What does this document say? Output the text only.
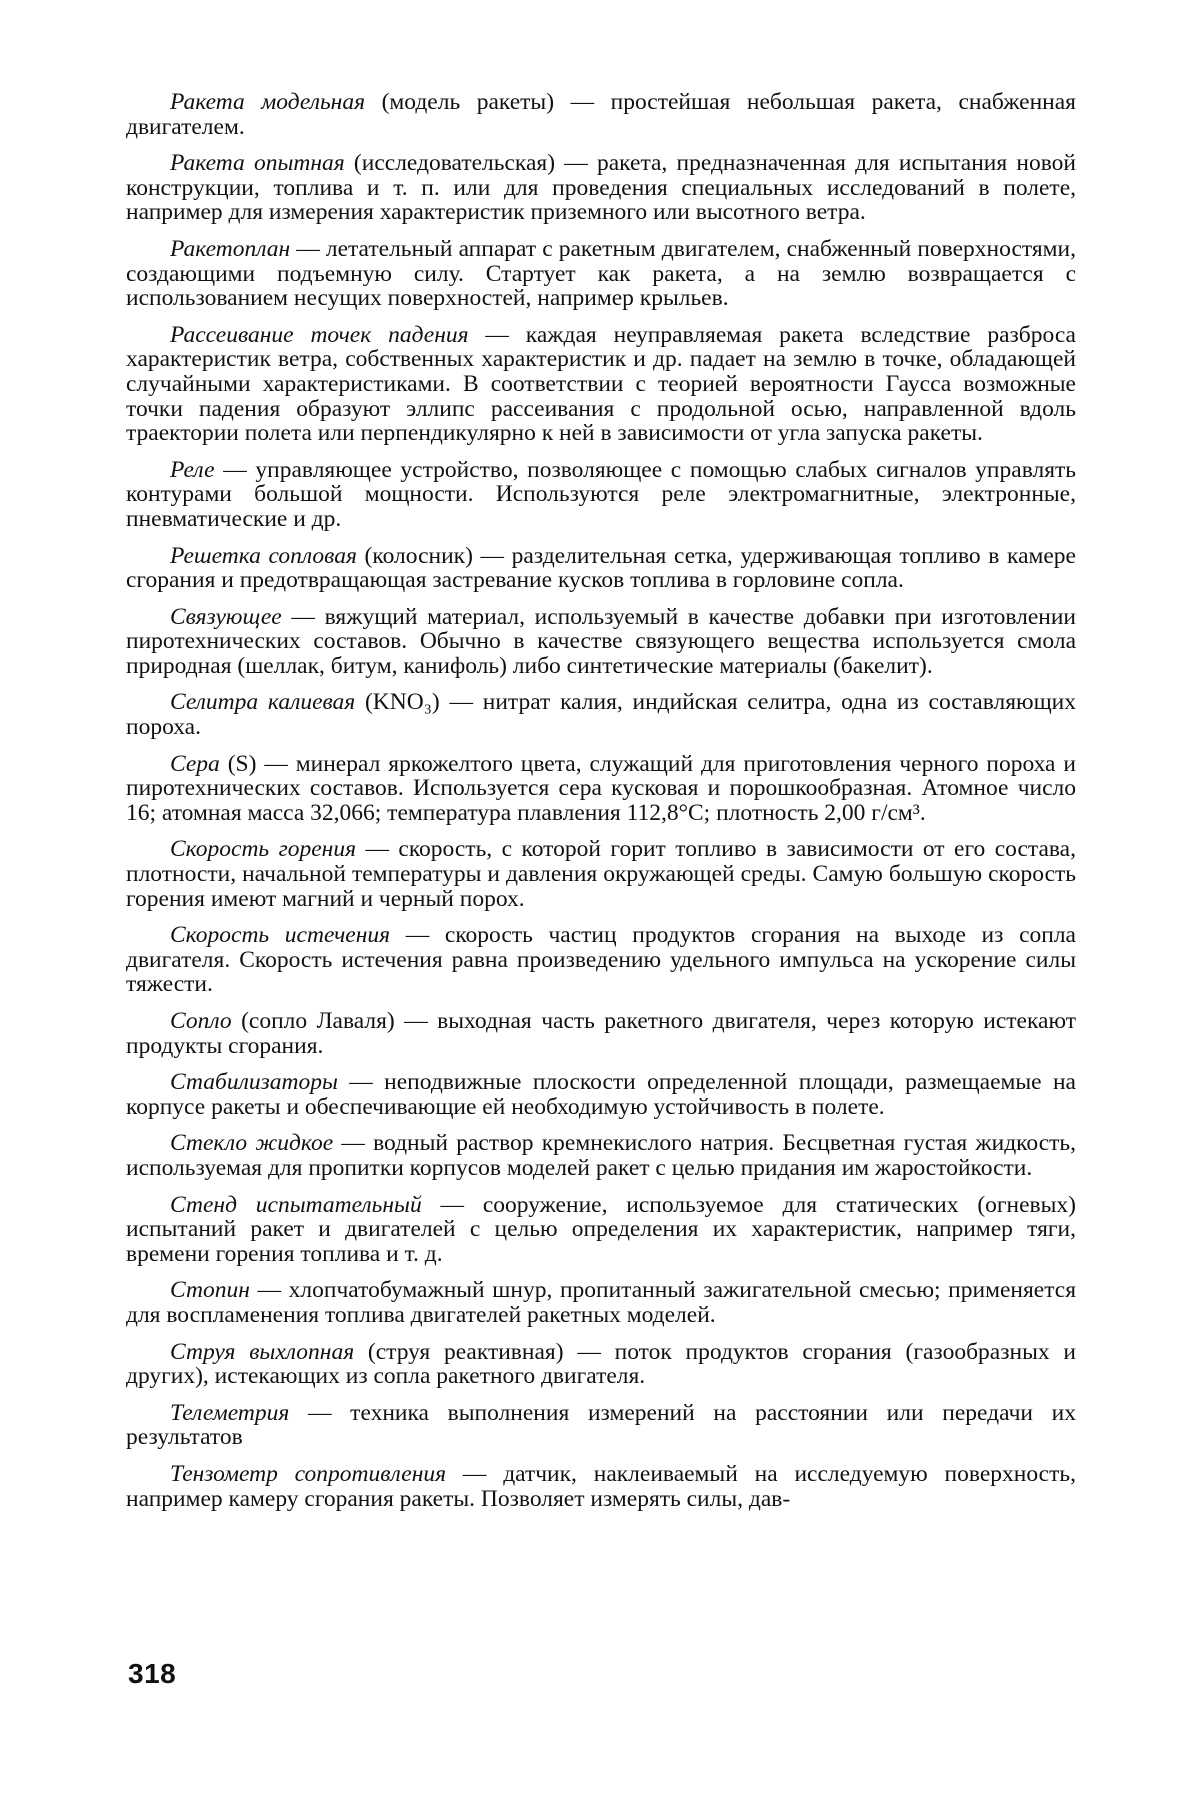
Ракета модельная (модель ракеты) — простейшая небольшая ракета, снабженная двигателем.

Ракета опытная (исследовательская) — ракета, предназначенная для испытания новой конструкции, топлива и т. п. или для проведения специальных исследований в полете, например для измерения характеристик приземного или высотного ветра.

Ракетоплан — летательный аппарат с ракетным двигателем, снабженный поверхностями, создающими подъемную силу. Стартует как ракета, а на землю возвращается с использованием несущих поверхностей, например крыльев.

Рассеивание точек падения — каждая неуправляемая ракета вследствие разброса характеристик ветра, собственных характеристик и др. падает на землю в точке, обладающей случайными характеристиками. В соответствии с теорией вероятности Гаусса возможные точки падения образуют эллипс рассеивания с продольной осью, направленной вдоль траектории полета или перпендикулярно к ней в зависимости от угла запуска ракеты.

Реле — управляющее устройство, позволяющее с помощью слабых сигналов управлять контурами большой мощности. Используются реле электромагнитные, электронные, пневматические и др.

Решетка сопловая (колосник) — разделительная сетка, удерживающая топливо в камере сгорания и предотвращающая застревание кусков топлива в горловине сопла.

Связующее — вяжущий материал, используемый в качестве добавки при изготовлении пиротехнических составов. Обычно в качестве связующего вещества используется смола природная (шеллак, битум, канифоль) либо синтетические материалы (бакелит).

Селитра калиевая (KNO₃) — нитрат калия, индийская селитра, одна из составляющих пороха.

Сера (S) — минерал яркожелтого цвета, служащий для приготовления черного пороха и пиротехнических составов. Используется сера кусковая и порошкообразная. Атомное число 16; атомная масса 32,066; температура плавления 112,8°С; плотность 2,00 г/см³.

Скорость горения — скорость, с которой горит топливо в зависимости от его состава, плотности, начальной температуры и давления окружающей среды. Самую большую скорость горения имеют магний и черный порох.

Скорость истечения — скорость частиц продуктов сгорания на выходе из сопла двигателя. Скорость истечения равна произведению удельного импульса на ускорение силы тяжести.

Сопло (сопло Лаваля) — выходная часть ракетного двигателя, через которую истекают продукты сгорания.

Стабилизаторы — неподвижные плоскости определенной площади, размещаемые на корпусе ракеты и обеспечивающие ей необходимую устойчивость в полете.

Стекло жидкое — водный раствор кремнекислого натрия. Бесцветная густая жидкость, используемая для пропитки корпусов моделей ракет с целью придания им жаростойкости.

Стенд испытательный — сооружение, используемое для статических (огневых) испытаний ракет и двигателей с целью определения их характеристик, например тяги, времени горения топлива и т. д.

Стопин — хлопчатобумажный шнур, пропитанный зажигательной смесью; применяется для воспламенения топлива двигателей ракетных моделей.

Струя выхлопная (струя реактивная) — поток продуктов сгорания (газообразных и других), истекающих из сопла ракетного двигателя.

Телеметрия — техника выполнения измерений на расстоянии или передачи их результатов

Тензометр сопротивления — датчик, наклеиваемый на исследуемую поверхность, например камеру сгорания ракеты. Позволяет измерять силы, дав-

318
